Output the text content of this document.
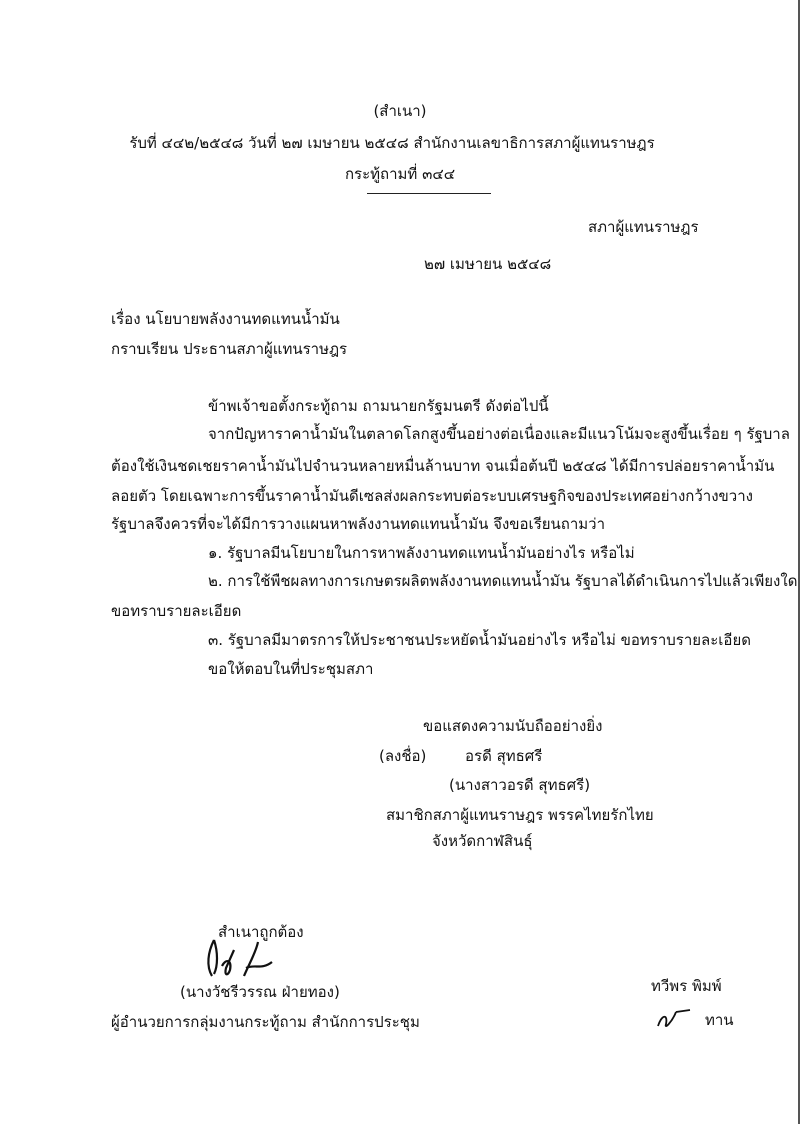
(สำเนา)
รับที่ ๔๔๒/๒๕๔๘ วันที่ ๒๗ เมษายน ๒๕๔๘ สำนักงานเลขาธิการสภาผู้แทนราษฎร
กระทู้ถามที่ ๓๔๔
สภาผู้แทนราษฎร
๒๗ เมษายน ๒๕๔๘
เรื่อง นโยบายพลังงานทดแทนน้ำมัน
กราบเรียน ประธานสภาผู้แทนราษฎร
ข้าพเจ้าขอตั้งกระทู้ถาม ถามนายกรัฐมนตรี ดังต่อไปนี้
จากปัญหาราคาน้ำมันในตลาดโลกสูงขึ้นอย่างต่อเนื่องและมีแนวโน้มจะสูงขึ้นเรื่อย ๆ รัฐบาล
ต้องใช้เงินชดเชยราคาน้ำมันไปจำนวนหลายหมื่นล้านบาท จนเมื่อต้นปี ๒๕๔๘ ได้มีการปล่อยราคาน้ำมัน
ลอยตัว โดยเฉพาะการขึ้นราคาน้ำมันดีเซลส่งผลกระทบต่อระบบเศรษฐกิจของประเทศอย่างกว้างขวาง
รัฐบาลจึงควรที่จะได้มีการวางแผนหาพลังงานทดแทนน้ำมัน จึงขอเรียนถามว่า
๑. รัฐบาลมีนโยบายในการหาพลังงานทดแทนน้ำมันอย่างไร หรือไม่
๒. การใช้พืชผลทางการเกษตรผลิตพลังงานทดแทนน้ำมัน รัฐบาลได้ดำเนินการไปแล้วเพียงใด
ขอทราบรายละเอียด
๓. รัฐบาลมีมาตรการให้ประชาชนประหยัดน้ำมันอย่างไร หรือไม่ ขอทราบรายละเอียด
ขอให้ตอบในที่ประชุมสภา
ขอแสดงความนับถืออย่างยิ่ง
(ลงชื่อ)	อรดี สุทธศรี
(นางสาวอรดี สุทธศรี)
สมาชิกสภาผู้แทนราษฎร พรรคไทยรักไทย
จังหวัดกาฬสินธุ์
สำเนาถูกต้อง
(นางวัชรีวรรณ ฝ่ายทอง)
ผู้อำนวยการกลุ่มงานกระทู้ถาม สำนักการประชุม
ทวีพร พิมพ์
ทาน
